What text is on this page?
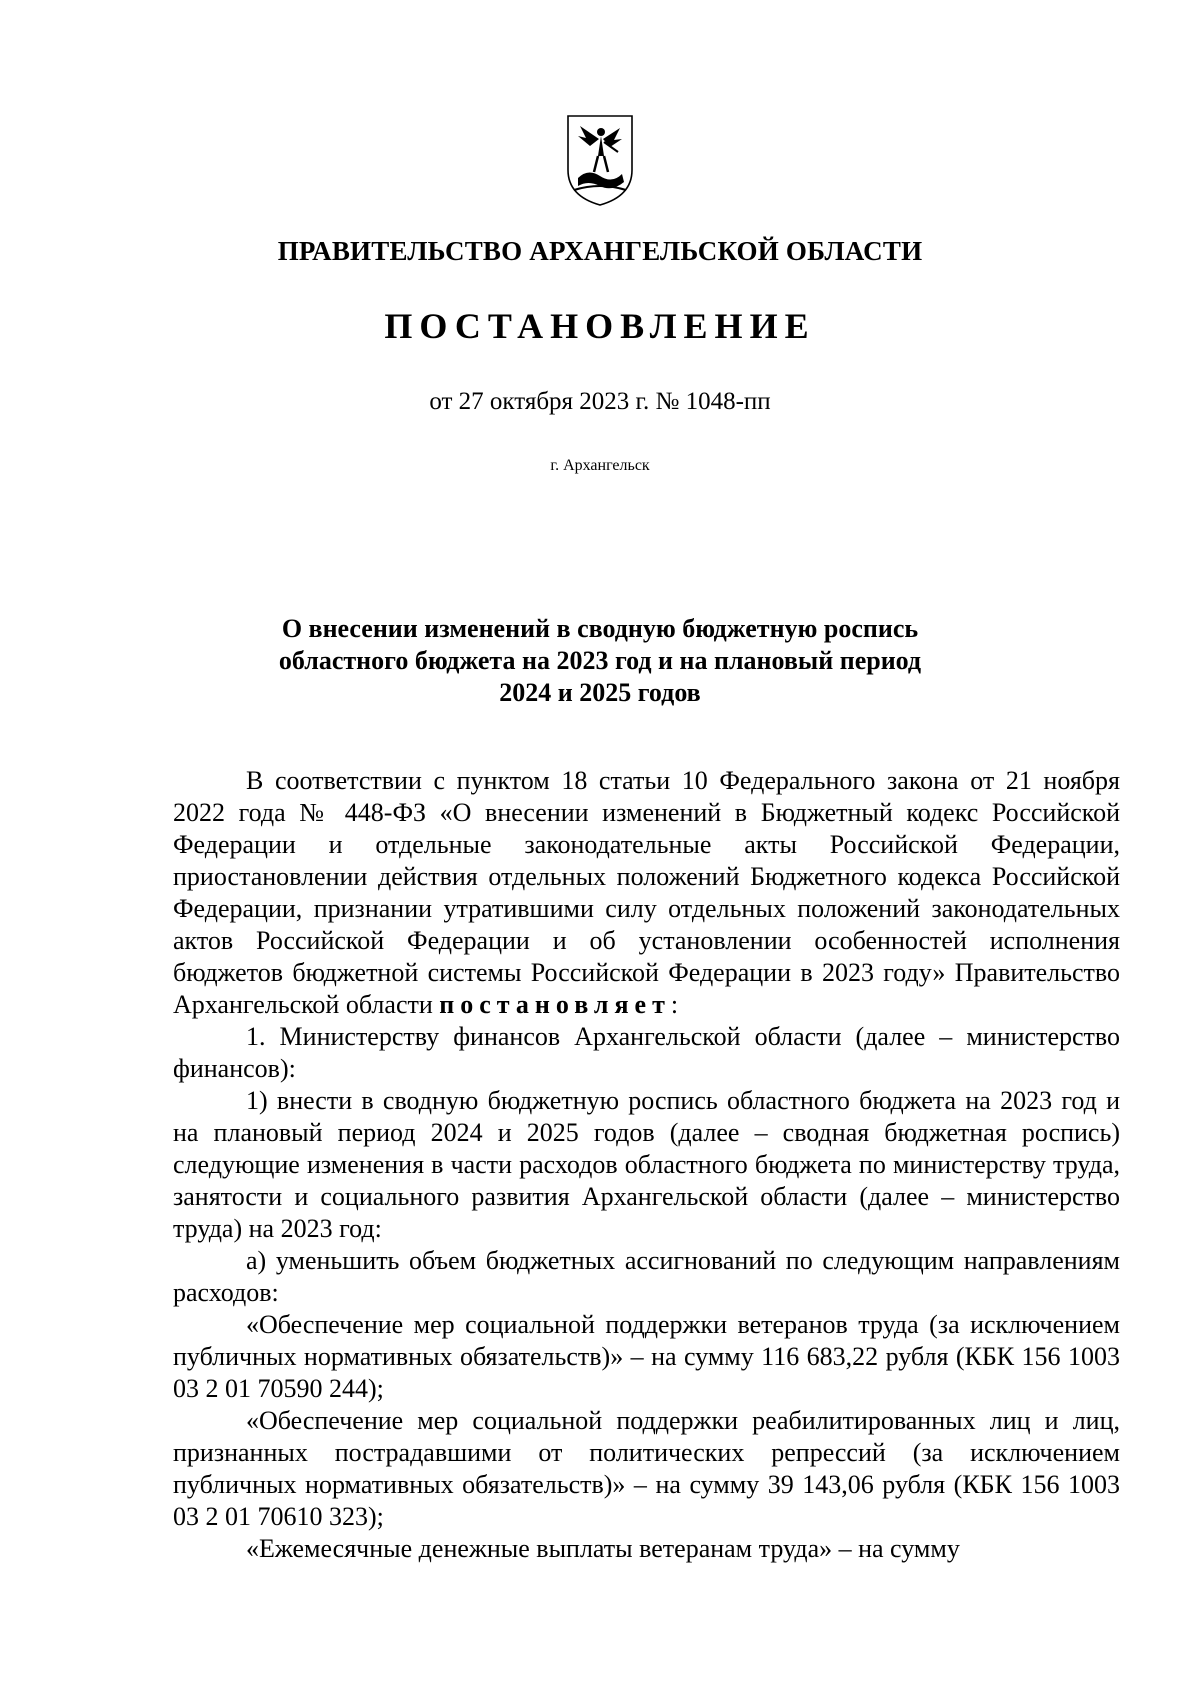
ПРАВИТЕЛЬСТВО АРХАНГЕЛЬСКОЙ ОБЛАСТИ
ПОСТАНОВЛЕНИЕ
от 27 октября 2023 г. № 1048-пп
г. Архангельск
О внесении изменений в сводную бюджетную роспись
областного бюджета на 2023 год и на плановый период
2024 и 2025 годов

В соответствии с пунктом 18 статьи 10 Федерального закона от 21 ноября 2022 года № 448-ФЗ «О внесении изменений в Бюджетный кодекс Российской Федерации и отдельные законодательные акты Российской Федерации, приостановлении действия отдельных положений Бюджетного кодекса Российской Федерации, признании утратившими силу отдельных положений законодательных актов Российской Федерации и об установлении особенностей исполнения бюджетов бюджетной системы Российской Федерации в 2023 году» Правительство Архангельской области постановляет:

1. Министерству финансов Архангельской области (далее – министерство финансов):

1) внести в сводную бюджетную роспись областного бюджета на 2023 год и на плановый период 2024 и 2025 годов (далее – сводная бюджетная роспись) следующие изменения в части расходов областного бюджета по министерству труда, занятости и социального развития Архангельской области (далее – министерство труда) на 2023 год:

а) уменьшить объем бюджетных ассигнований по следующим направлениям расходов:

«Обеспечение мер социальной поддержки ветеранов труда (за исключением публичных нормативных обязательств)» – на сумму 116 683,22 рубля (КБК 156 1003 03 2 01 70590 244);

«Обеспечение мер социальной поддержки реабилитированных лиц и лиц, признанных пострадавшими от политических репрессий (за исключением публичных нормативных обязательств)» – на сумму 39 143,06 рубля (КБК 156 1003 03 2 01 70610 323);

«Ежемесячные денежные выплаты ветеранам труда» – на сумму
